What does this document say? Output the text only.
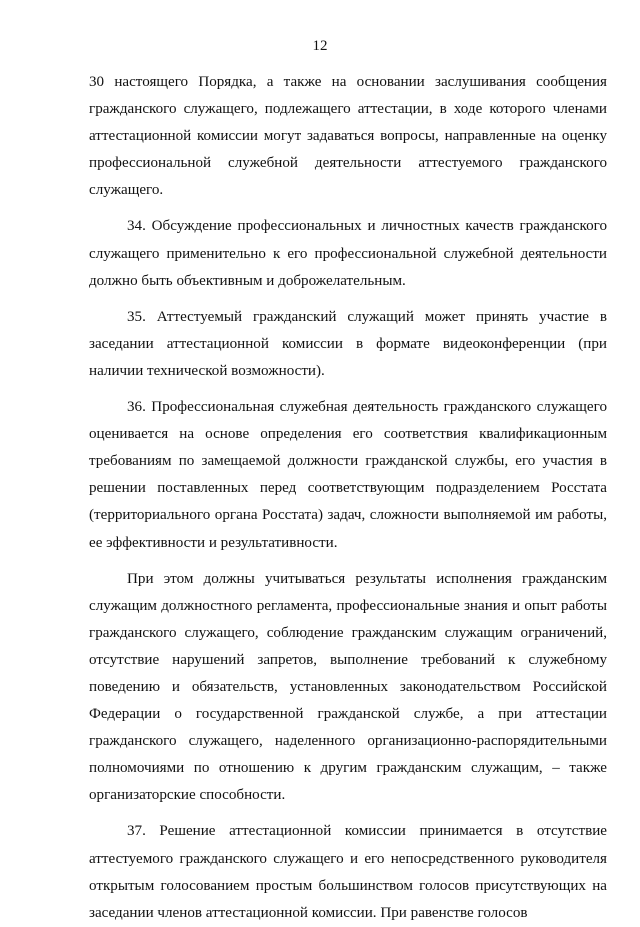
12

30 настоящего Порядка, а также на основании заслушивания сообщения гражданского служащего, подлежащего аттестации, в ходе которого членами аттестационной комиссии могут задаваться вопросы, направленные на оценку профессиональной служебной деятельности аттестуемого гражданского служащего.

34. Обсуждение профессиональных и личностных качеств гражданского служащего применительно к его профессиональной служебной деятельности должно быть объективным и доброжелательным.

35. Аттестуемый гражданский служащий может принять участие в заседании аттестационной комиссии в формате видеоконференции (при наличии технической возможности).

36. Профессиональная служебная деятельность гражданского служащего оценивается на основе определения его соответствия квалификационным требованиям по замещаемой должности гражданской службы, его участия в решении поставленных перед соответствующим подразделением Росстата (территориального органа Росстата) задач, сложности выполняемой им работы, ее эффективности и результативности.

При этом должны учитываться результаты исполнения гражданским служащим должностного регламента, профессиональные знания и опыт работы гражданского служащего, соблюдение гражданским служащим ограничений, отсутствие нарушений запретов, выполнение требований к служебному поведению и обязательств, установленных законодательством Российской Федерации о государственной гражданской службе, а при аттестации гражданского служащего, наделенного организационно-распорядительными полномочиями по отношению к другим гражданским служащим, – также организаторские способности.

37. Решение аттестационной комиссии принимается в отсутствие аттестуемого гражданского служащего и его непосредственного руководителя открытым голосованием простым большинством голосов присутствующих на заседании членов аттестационной комиссии. При равенстве голосов
